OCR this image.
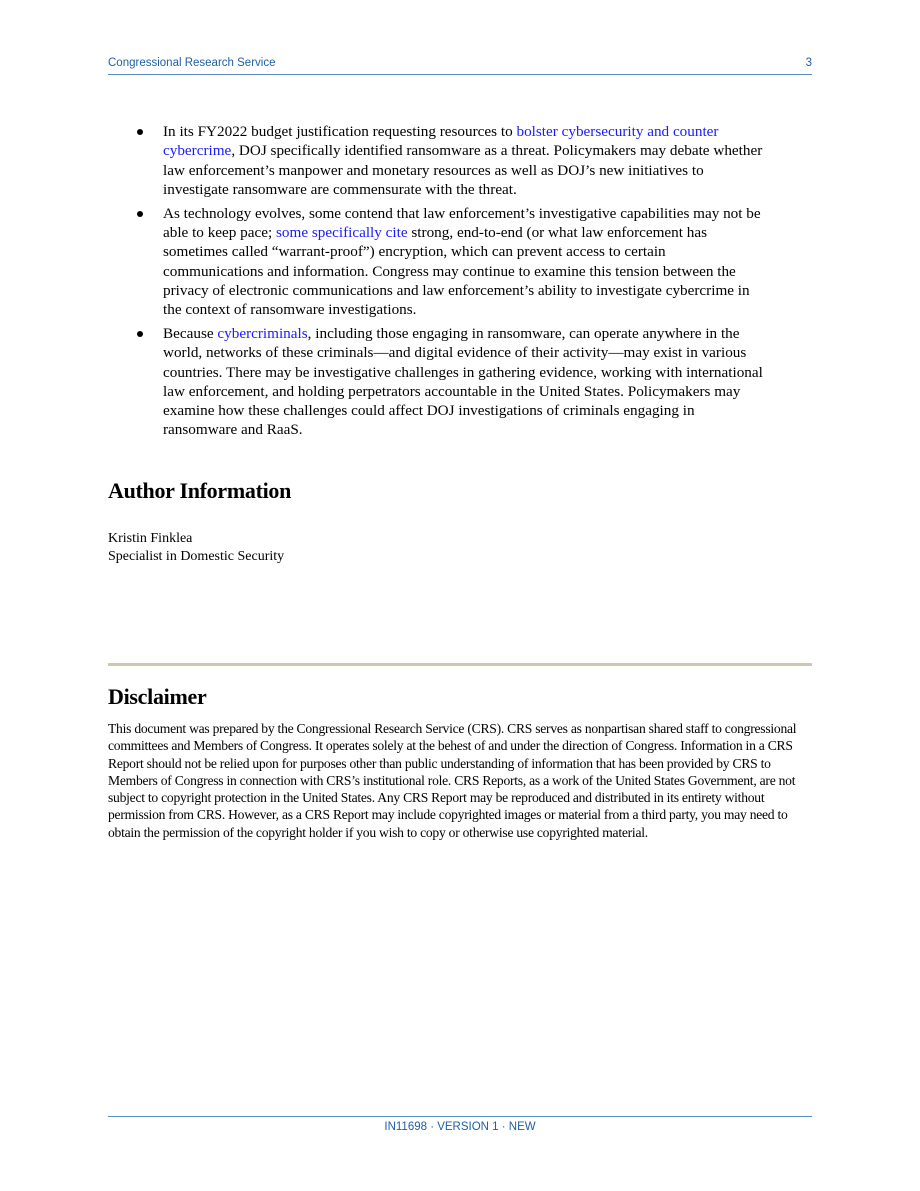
Congressional Research Service	3
In its FY2022 budget justification requesting resources to bolster cybersecurity and counter cybercrime, DOJ specifically identified ransomware as a threat. Policymakers may debate whether law enforcement’s manpower and monetary resources as well as DOJ’s new initiatives to investigate ransomware are commensurate with the threat.
As technology evolves, some contend that law enforcement’s investigative capabilities may not be able to keep pace; some specifically cite strong, end-to-end (or what law enforcement has sometimes called “warrant-proof”) encryption, which can prevent access to certain communications and information. Congress may continue to examine this tension between the privacy of electronic communications and law enforcement’s ability to investigate cybercrime in the context of ransomware investigations.
Because cybercriminals, including those engaging in ransomware, can operate anywhere in the world, networks of these criminals—and digital evidence of their activity—may exist in various countries. There may be investigative challenges in gathering evidence, working with international law enforcement, and holding perpetrators accountable in the United States. Policymakers may examine how these challenges could affect DOJ investigations of criminals engaging in ransomware and RaaS.
Author Information
Kristin Finklea
Specialist in Domestic Security
Disclaimer

This document was prepared by the Congressional Research Service (CRS). CRS serves as nonpartisan shared staff to congressional committees and Members of Congress. It operates solely at the behest of and under the direction of Congress. Information in a CRS Report should not be relied upon for purposes other than public understanding of information that has been provided by CRS to Members of Congress in connection with CRS’s institutional role. CRS Reports, as a work of the United States Government, are not subject to copyright protection in the United States. Any CRS Report may be reproduced and distributed in its entirety without permission from CRS. However, as a CRS Report may include copyrighted images or material from a third party, you may need to obtain the permission of the copyright holder if you wish to copy or otherwise use copyrighted material.

IN11698 · VERSION 1 · NEW
